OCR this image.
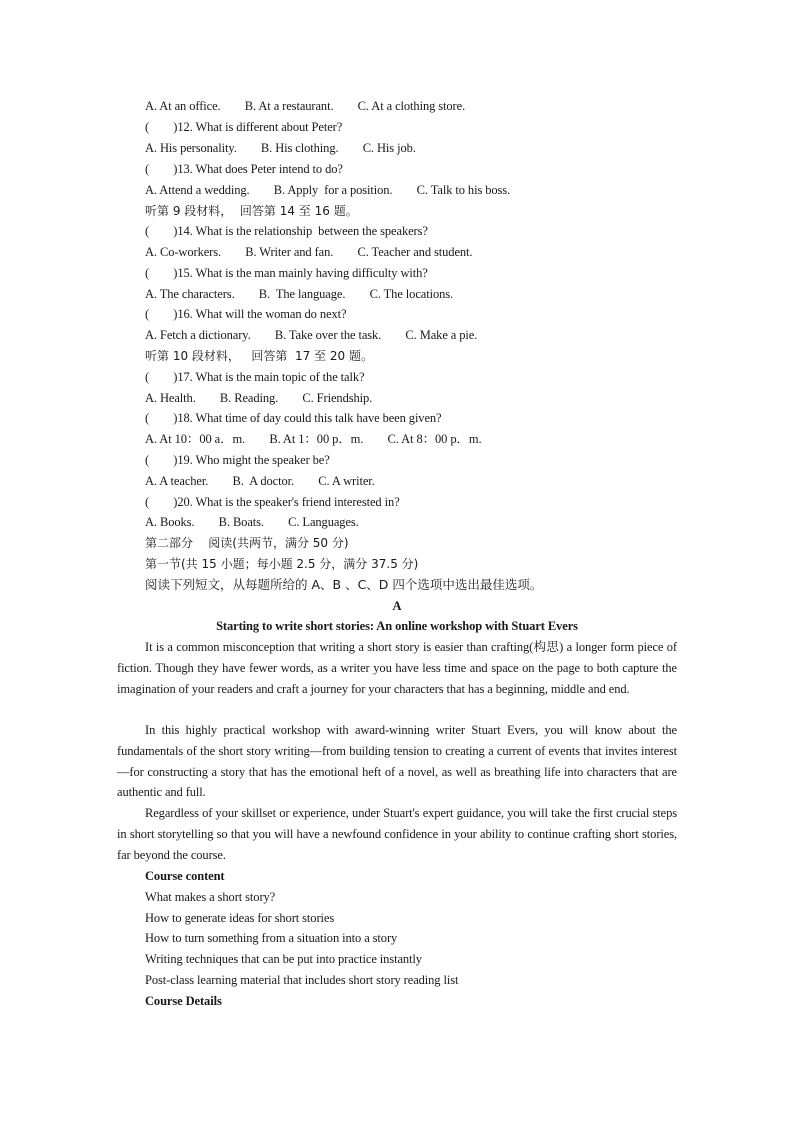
A. At an office.        B. At a restaurant.        C. At a clothing store.
(        )12. What is different about Peter?
A. His personality.        B. His clothing.        C. His job.
(        )13. What does Peter intend to do?
A. Attend a wedding.        B. Apply  for a position.        C. Talk to his boss.
听第 9 段材料，  回答第 14 至 16 题。
(        )14. What is the relationship  between the speakers?
A. Co-workers.        B. Writer and fan.        C. Teacher and student.
(        )15. What is the man mainly having difficulty with?
A. The characters.        B.  The language.        C. The locations.
(        )16. What will the woman do next?
A. Fetch a dictionary.        B. Take over the task.        C. Make a pie.
听第 10 段材料，   回答第  17 至 20 题。
(        )17. What is the main topic of the talk?
A. Health.        B. Reading.        C. Friendship.
(        )18. What time of day could this talk have been given?
A. At 10：00 a．m.        B. At 1：00 p．m.        C. At 8：00 p．m.
(        )19. Who might the speaker be?
A. A teacher.        B.  A doctor.        C. A writer.
(        )20. What is the speaker's friend interested in?
A. Books.        B. Boats.        C. Languages.
第二部分    阅读(共两节，满分 50 分)
第一节(共 15 小题；每小题 2.5 分，满分 37.5 分)
阅读下列短文，从每题所给的 A、B 、C、D 四个选项中选出最佳选项。
A
Starting to write short stories: An online workshop with Stuart Evers

It is a common misconception that writing a short story is easier than crafting(构思) a longer form piece of fiction. Though they have fewer words, as a writer you have less time and space on the page to both capture the imagination of your readers and craft a journey for your characters that has a beginning, middle and end.

In this highly practical workshop with award-winning writer Stuart Evers, you will know about the fundamentals of the short story writing—from building tension to creating a current of events that invites interest—for constructing a story that has the emotional heft of a novel, as well as breathing life into characters that are authentic and full.

Regardless of your skillset or experience, under Stuart's expert guidance, you will take the first crucial steps in short storytelling so that you will have a newfound confidence in your ability to continue crafting short stories, far beyond the course.

Course content
What makes a short story?
How to generate ideas for short stories
How to turn something from a situation into a story
Writing techniques that can be put into practice instantly
Post-class learning material that includes short story reading list
Course Details
